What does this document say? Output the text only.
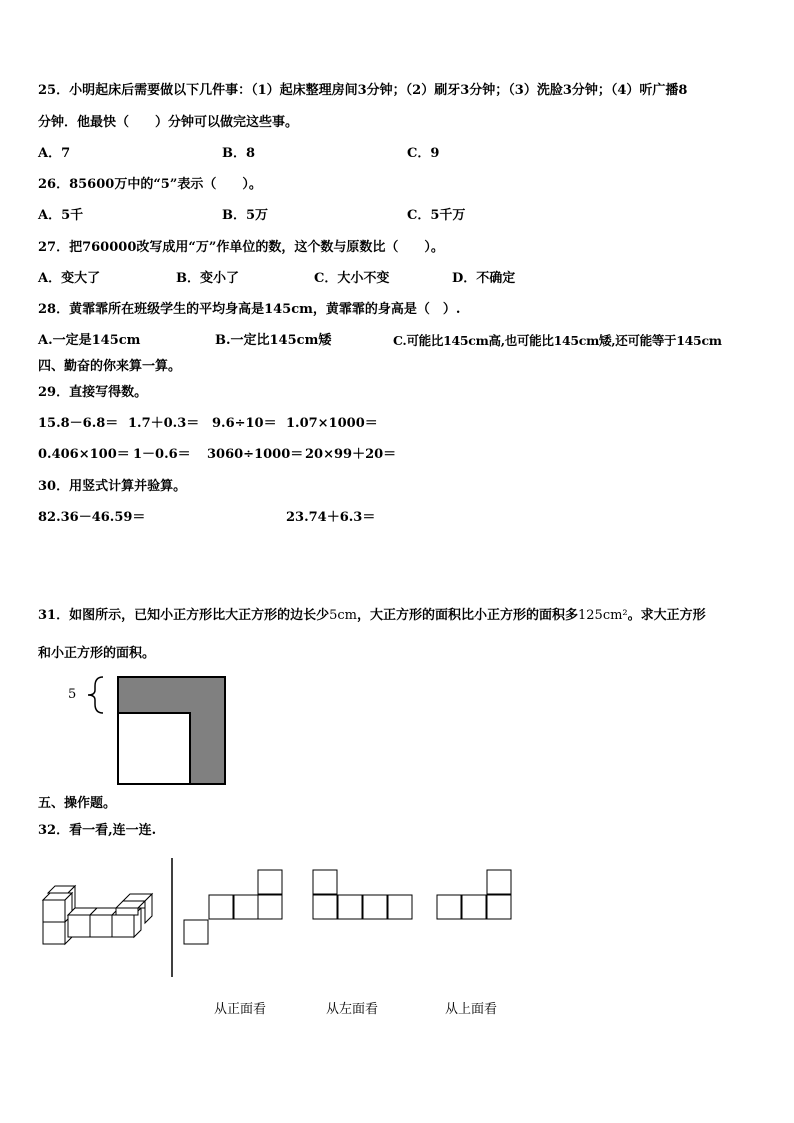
25．小明起床后需要做以下几件事：（1）起床整理房间3分钟；（2）刷牙3分钟；（3）洗脸3分钟；（4）听广播8
分钟．他最快（　　）分钟可以做完这些事。
A．7	B．8	C．9
26．85600万中的“5”表示（　　）。
A．5千	B．5万	C．5千万
27．把760000改写成用“万”作单位的数，这个数与原数比（　　）。
A．变大了	B．变小了	C．大小不变	D．不确定
28．黄霏霏所在班级学生的平均身高是145cm，黄霏霏的身高是（　）.
A.一定是145cm	B.一定比145cm矮	C.可能比145cm高,也可能比145cm矮,还可能等于145cm
四、勤奋的你来算一算。
29．直接写得数。
15.8－6.8＝ 1.7＋0.3＝ 9.6÷10＝ 1.07×1000＝
0.406×100＝ 1－0.6＝ 3060÷1000＝ 20×99＋20＝
30．用竖式计算并验算。
82.36－46.59＝	23.74＋6.3＝
31．如图所示，已知小正方形比大正方形的边长少5cm，大正方形的面积比小正方形的面积多125cm²。求大正方形
和小正方形的面积。
5
五、操作题。
32．看一看,连一连.
从正面看	从左面看	从上面看
